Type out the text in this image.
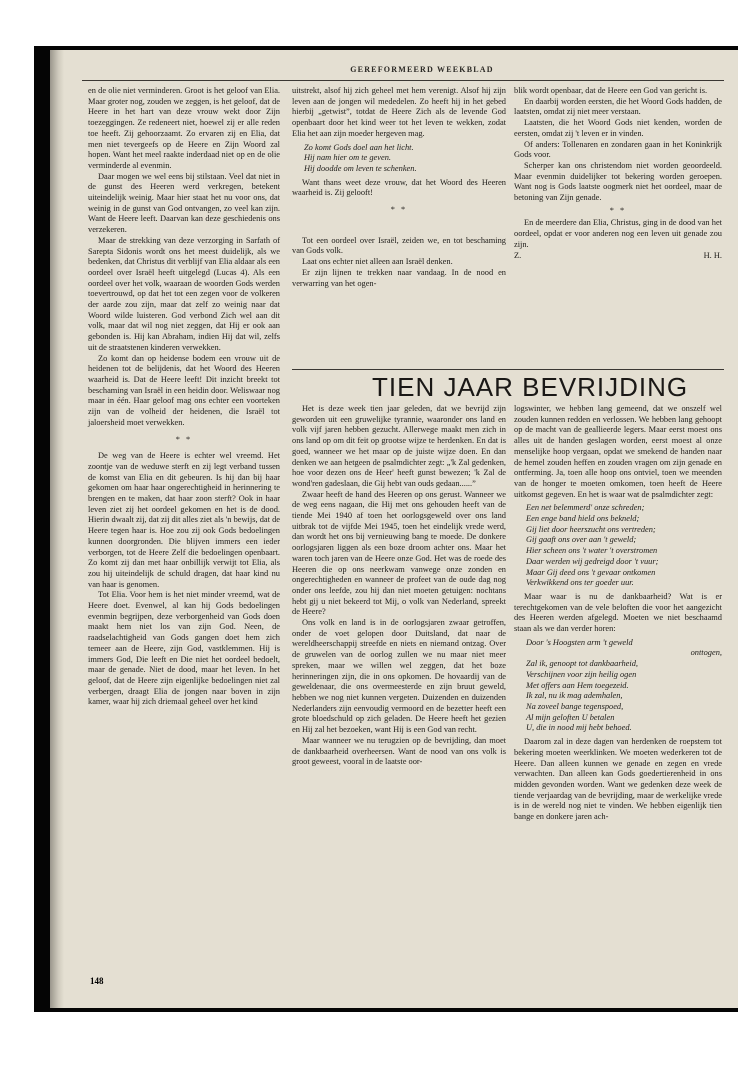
GEREFORMEERD WEEKBLAD

en de olie niet verminderen. Groot is het geloof van Elia. Maar groter nog, zouden we zeggen, is het geloof, dat de Heere in het hart van deze vrouw wekt door Zijn toezeggingen. Ze redeneert niet, hoewel zij er alle reden toe heeft. Zij gehoorzaamt. Zo ervaren zij en Elia, dat men niet tevergeefs op de Heere en Zijn Woord zal hopen. Want het meel raakte inderdaad niet op en de olie verminderde al evenmin.

Daar mogen we wel eens bij stilstaan. Veel dat niet in de gunst des Heeren werd verkregen, betekent uiteindelijk weinig. Maar hier staat het nu voor ons, dat weinig in de gunst van God ontvangen, zo veel kan zijn. Want de Heere leeft. Daarvan kan deze geschiedenis ons verzekeren.

Maar de strekking van deze verzorging in Sarfath of Sarepta Sidonis wordt ons het meest duidelijk, als we bedenken, dat Christus dit verblijf van Elia aldaar als een oordeel over Israël heeft uitgelegd (Lucas 4). Als een oordeel over het volk, waaraan de woorden Gods werden toevertrouwd, op dat het tot een zegen voor de volkeren der aarde zou zijn, maar dat zelf zo weinig naar dat Woord wilde luisteren. God verbond Zich wel aan dit volk, maar dat wil nog niet zeggen, dat Hij er ook aan gebonden is. Hij kan Abraham, indien Hij dat wil, zelfs uit de straatstenen kinderen verwekken.

Zo komt dan op heidense bodem een vrouw uit de heidenen tot de belijdenis, dat het Woord des Heeren waarheid is. Dat de Heere leeft! Dit inzicht breekt tot beschaming van Israël in een heidin door. Weliswaar nog maar in één. Haar geloof mag ons echter een voorteken zijn van de volheid der heidenen, die Israël tot jaloersheid moet verwekken.

* *

De weg van de Heere is echter wel vreemd. Het zoontje van de weduwe sterft en zij legt verband tussen de komst van Elia en dit gebeuren. Is hij dan bij haar gekomen om haar haar ongerechtigheid in herinnering te brengen en te maken, dat haar zoon sterft? Ook in haar leven ziet zij het oordeel gekomen en het is de dood. Hierin dwaalt zij, dat zij dit alles ziet als 'n bewijs, dat de Heere tegen haar is. Hoe zou zij ook Gods bedoelingen kunnen doorgronden. Die blijven immers een ieder verborgen, tot de Heere Zelf die bedoelingen openbaart. Zo komt zij dan met haar onbillijk verwijt tot Elia, als zou hij uiteindelijk de schuld dragen, dat haar kind nu van haar is genomen.

Tot Elia. Voor hem is het niet minder vreemd, wat de Heere doet. Evenwel, al kan hij Gods bedoelingen evenmin begrijpen, deze verborgenheid van Gods doen maakt hem niet los van zijn God. Neen, de raadselachtigheid van Gods gangen doet hem zich temeer aan de Heere, zijn God, vastklemmen. Hij is immers God, Die leeft en Die niet het oordeel bedoelt, maar de genade. Niet de dood, maar het leven. In het geloof, dat de Heere zijn eigenlijke bedoelingen niet zal verbergen, draagt Elia de jongen naar boven in zijn kamer, waar hij zich driemaal geheel over het kind

uitstrekt, alsof hij zich geheel met hem verenigt. Alsof hij zijn leven aan de jongen wil mededelen. Zo heeft hij in het gebed hierbij „getwist”, totdat de Heere Zich als de levende God openbaart door het kind weer tot het leven te wekken, zodat Elia het aan zijn moeder hergeven mag.

Zo komt Gods doel aan het licht.
Hij nam hier om te geven.
Hij doodde om leven te schenken.

Want thans weet deze vrouw, dat het Woord des Heeren waarheid is. Zij gelooft!

* *

Tot een oordeel over Israël, zeiden we, en tot beschaming van Gods volk.

Laat ons echter niet alleen aan Israël denken.

Er zijn lijnen te trekken naar vandaag. In de nood en verwarring van het ogen-

blik wordt openbaar, dat de Heere een God van gericht is.

En daarbij worden eersten, die het Woord Gods hadden, de laatsten, omdat zij niet meer verstaan.

Laatsten, die het Woord Gods niet kenden, worden de eersten, omdat zij 't leven er in vinden.

Of anders: Tollenaren en zondaren gaan in het Koninkrijk Gods voor.

Scherper kan ons christendom niet worden geoordeeld. Maar evenmin duidelijker tot bekering worden geroepen. Want nog is Gods laatste oogmerk niet het oordeel, maar de betoning van Zijn genade.

* *

En de meerdere dan Elia, Christus, ging in de dood van het oordeel, opdat er voor anderen nog een leven uit genade zou zijn.

Z.	H. H.
TIEN JAAR BEVRIJDING

Het is deze week tien jaar geleden, dat we bevrijd zijn geworden uit een gruwelijke tyrannie, waaronder ons land en volk vijf jaren hebben gezucht. Allerwege maakt men zich in ons land op om dit feit op grootse wijze te herdenken. En dat is goed, wanneer we het maar op de juiste wijze doen. En dan denken we aan hetgeen de psalmdichter zegt: „'k Zal gedenken, hoe voor dezen ons de Heer' heeft gunst bewezen; 'k Zal de wond'ren gadeslaan, die Gij hebt van ouds gedaan......”

Zwaar heeft de hand des Heeren op ons gerust. Wanneer we de weg eens nagaan, die Hij met ons gehouden heeft van de tiende Mei 1940 af toen het oorlogsgeweld over ons land uitbrak tot de vijfde Mei 1945, toen het eindelijk vrede werd, dan wordt het ons bij vernieuwing bang te moede. De donkere oorlogsjaren liggen als een boze droom achter ons. Maar het waren toch jaren van de Heere onze God. Het was de roede des Heeren die op ons neerkwam vanwege onze zonden en ongerechtigheden en wanneer de profeet van de oude dag nog onder ons leefde, zou hij dan niet moeten getuigen: nochtans hebt gij u niet bekeerd tot Mij, o volk van Nederland, spreekt de Heere?

Ons volk en land is in de oorlogsjaren zwaar getroffen, onder de voet gelopen door Duitsland, dat naar de wereldheerschappij streefde en niets en niemand ontzag. Over de gruwelen van de oorlog zullen we nu maar niet meer spreken, maar we willen wel zeggen, dat het boze herinneringen zijn, die in ons opkomen. De hovaardij van de geweldenaar, die ons overmeesterde en zijn bruut geweld, hebben we nog niet kunnen vergeten. Duizenden en duizenden Nederlanders zijn eenvoudig vermoord en de bezetter heeft een grote bloedschuld op zich geladen. De Heere heeft het gezien en Hij zal het bezoeken, want Hij is een God van recht.

Maar wanneer we nu terugzien op de bevrijding, dan moet de dankbaarheid overheersen. Want de nood van ons volk is groot geweest, vooral in de laatste oor-

logswinter, we hebben lang gemeend, dat we onszelf wel zouden kunnen redden en verlossen. We hebben lang gehoopt op de macht van de geallieerde legers. Maar eerst moest ons alles uit de handen geslagen worden, eerst moest al onze menselijke hoop vergaan, opdat we smekend de handen naar de hemel zouden heffen en zouden vragen om zijn genade en ontferming. Ja, toen alle hoop ons ontviel, toen we meenden van de honger te moeten omkomen, toen heeft de Heere uitkomst gegeven. En het is waar wat de psalmdichter zegt:

Een net belemmerd' onze schreden;
Een enge band hield ons bekneld;
Gij liet door heerszucht ons vertreden;
Gij gaaft ons over aan 't geweld;
Hier scheen ons 't water 't overstromen
Daar werden wij gedreigd door 't vuur;
Maar Gij deed ons 't gevaar ontkomen
Verkwikkend ons ter goeder uur.

Maar waar is nu de dankbaarheid? Wat is er terechtgekomen van de vele beloften die voor het aangezicht des Heeren werden afgelegd. Moeten we niet beschaamd staan als we dan verder horen:

Door 's Hoogsten arm 't geweld
onttogen,
Zal ik, genoopt tot dankbaarheid,
Verschijnen voor zijn heilig ogen
Met offers aan Hem toegezeid.
Ik zal, nu ik mag ademhalen,
Na zoveel bange tegenspoed,
Al mijn geloften U betalen
U, die in nood mij hebt behoed.

Daarom zal in deze dagen van herdenken de roepstem tot bekering moeten weerklinken. We moeten wederkeren tot de Heere. Dan alleen kunnen we genade en zegen en vrede verwachten. Dan alleen kan Gods goedertierenheid in ons midden gevonden worden. Want we gedenken deze week de tiende verjaardag van de bevrijding, maar de werkelijke vrede is in de wereld nog niet te vinden. We hebben eigenlijk tien bange en donkere jaren ach-

148
